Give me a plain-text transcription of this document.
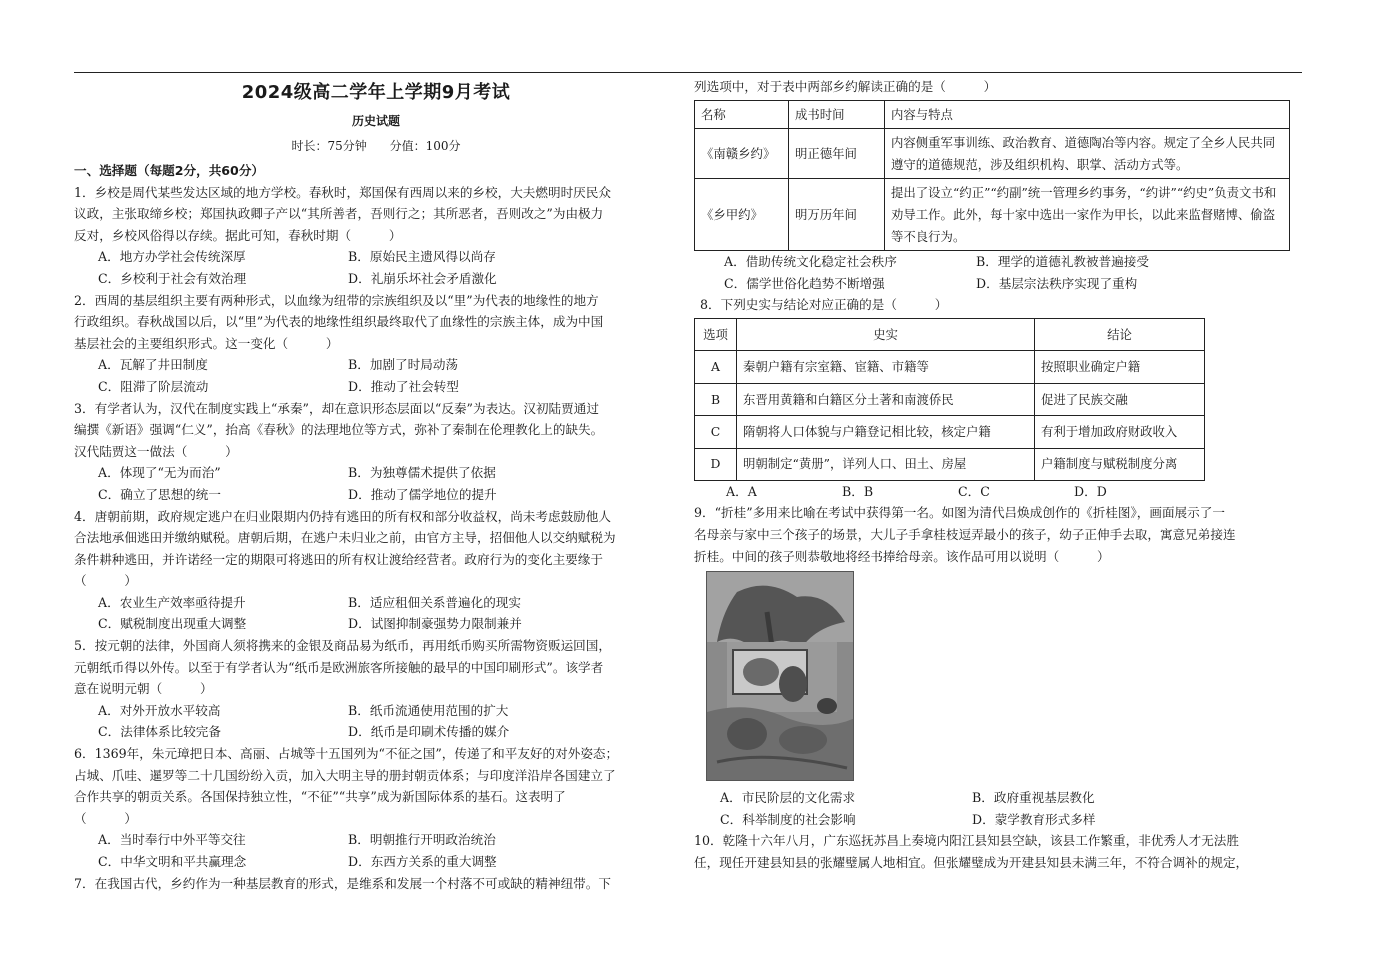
2024级高二学年上学期9月考试
历史试题
时长：75分钟 分值：100分
一、选择题（每题2分，共60分）
1．乡校是周代某些发达区域的地方学校。春秋时，郑国保有西周以来的乡校，大夫燃明时厌民众
议政，主张取缔乡校；郑国执政卿子产以“其所善者，吾则行之；其所恶者，吾则改之”为由极力
反对，乡校风俗得以存续。据此可知，春秋时期（　　　）
A．地方办学社会传统深厚	B．原始民主遗风得以尚存
C．乡校利于社会有效治理	D．礼崩乐坏社会矛盾激化
2．西周的基层组织主要有两种形式，以血缘为纽带的宗族组织及以“里”为代表的地缘性的地方
行政组织。春秋战国以后，以“里”为代表的地缘性组织最终取代了血缘性的宗族主体，成为中国
基层社会的主要组织形式。这一变化（　　　）
A．瓦解了井田制度	B．加剧了时局动荡
C．阻滞了阶层流动	D．推动了社会转型
3．有学者认为，汉代在制度实践上“承秦”，却在意识形态层面以“反秦”为表达。汉初陆贾通过
编撰《新语》强调“仁义”，抬高《春秋》的法理地位等方式，弥补了秦制在伦理教化上的缺失。
汉代陆贾这一做法（　　　）
A．体现了“无为而治”	B．为独尊儒术提供了依据
C．确立了思想的统一	D．推动了儒学地位的提升
4．唐朝前期，政府规定逃户在归业限期内仍持有逃田的所有权和部分收益权，尚未考虑鼓励他人
合法地承佃逃田并缴纳赋税。唐朝后期，在逃户未归业之前，由官方主导，招佃他人以交纳赋税为
条件耕种逃田，并许诺经一定的期限可将逃田的所有权让渡给经营者。政府行为的变化主要缘于
（　　　）
A．农业生产效率亟待提升	B．适应租佃关系普遍化的现实
C．赋税制度出现重大调整	D．试图抑制豪强势力限制兼并
5．按元朝的法律，外国商人须将携来的金银及商品易为纸币，再用纸币购买所需物资贩运回国，
元朝纸币得以外传。以至于有学者认为“纸币是欧洲旅客所接触的最早的中国印刷形式”。该学者
意在说明元朝（　　　）
A．对外开放水平较高	B．纸币流通使用范围的扩大
C．法律体系比较完备	D．纸币是印刷术传播的媒介
6．1369年，朱元璋把日本、高丽、占城等十五国列为“不征之国”，传递了和平友好的对外姿态；
占城、爪哇、暹罗等二十几国纷纷入贡，加入大明主导的册封朝贡体系；与印度洋沿岸各国建立了
合作共享的朝贡关系。各国保持独立性，“不征”“共享”成为新国际体系的基石。这表明了
（　　　）
A．当时奉行中外平等交往	B．明朝推行开明政治统治
C．中华文明和平共赢理念	D．东西方关系的重大调整
7．在我国古代，乡约作为一种基层教育的形式，是维系和发展一个村落不可或缺的精神纽带。下
列选项中，对于表中两部乡约解读正确的是（　　　）
名称	成书时间	内容与特点
《南赣乡约》	明正德年间	内容侧重军事训练、政治教育、道德陶冶等内容。规定了全乡人民共同遵守的道德规范，涉及组织机构、职掌、活动方式等。
《乡甲约》	明万历年间	提出了设立“约正”“约副”统一管理乡约事务，“约讲”“约史”负责文书和劝导工作。此外，每十家中选出一家作为甲长，以此来监督赌博、偷盗等不良行为。
A．借助传统文化稳定社会秩序	B．理学的道德礼教被普遍接受
C．儒学世俗化趋势不断增强	D．基层宗法秩序实现了重构
8．下列史实与结论对应正确的是（　　　）
选项	史实	结论
A	秦朝户籍有宗室籍、宦籍、市籍等	按照职业确定户籍
B	东晋用黄籍和白籍区分土著和南渡侨民	促进了民族交融
C	隋朝将人口体貌与户籍登记相比较，核定户籍	有利于增加政府财政收入
D	明朝制定“黄册”，详列人口、田土、房屋	户籍制度与赋税制度分离
A．A	B．B	C．C	D．D
9．“折桂”多用来比喻在考试中获得第一名。如图为清代吕焕成创作的《折桂图》，画面展示了一
名母亲与家中三个孩子的场景，大儿子手拿桂枝逗弄最小的孩子，幼子正伸手去取，寓意兄弟接连
折桂。中间的孩子则恭敬地将经书捧给母亲。该作品可用以说明（　　　）
A．市民阶层的文化需求	B．政府重视基层教化
C．科举制度的社会影响	D．蒙学教育形式多样
10．乾隆十六年八月，广东巡抚苏昌上奏境内阳江县知县空缺，该县工作繁重，非优秀人才无法胜
任，现任开建县知县的张耀璧属人地相宜。但张耀璧成为开建县知县未满三年，不符合调补的规定，
